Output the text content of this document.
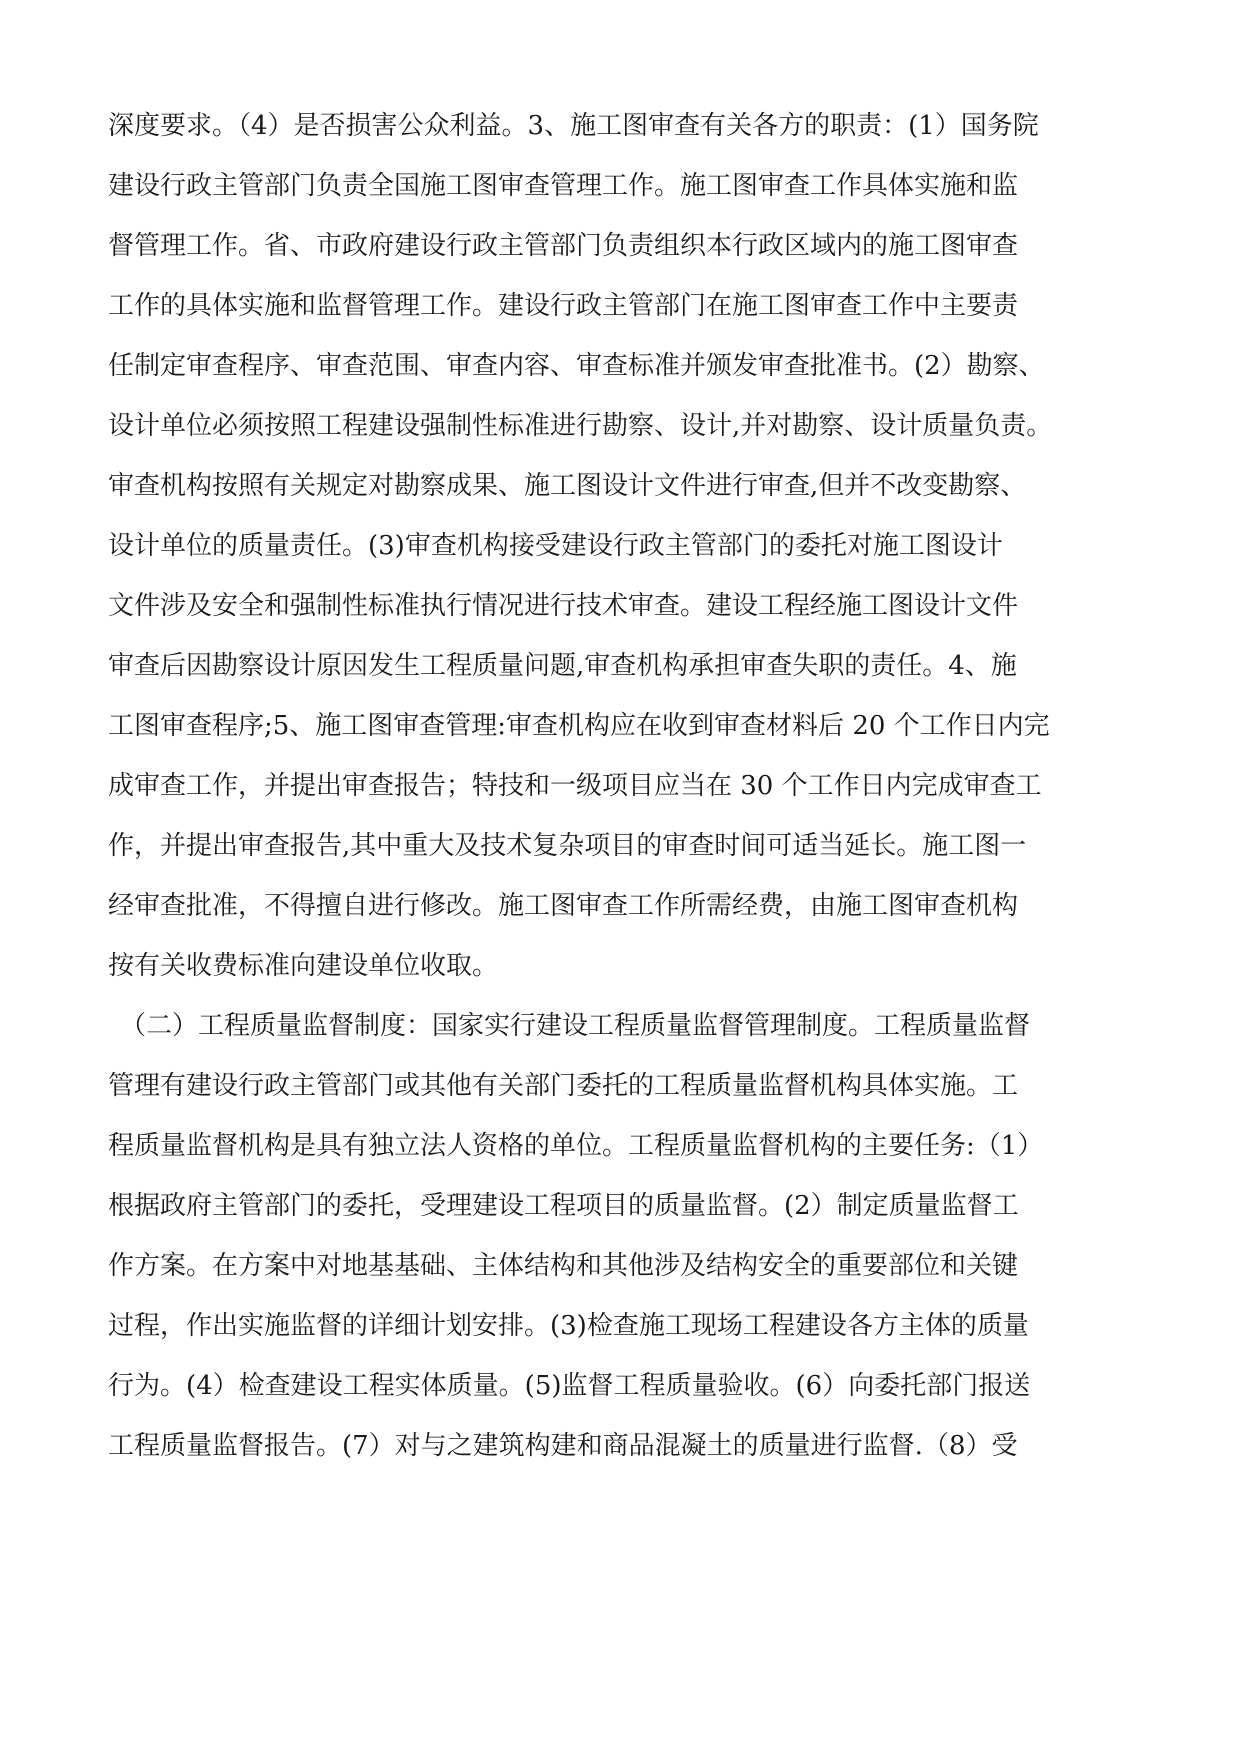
深度要求。（4）是否损害公众利益。3、施工图审查有关各方的职责：(1）国务院
建设行政主管部门负责全国施工图审查管理工作。施工图审查工作具体实施和监
督管理工作。省、市政府建设行政主管部门负责组织本行政区域内的施工图审查
工作的具体实施和监督管理工作。建设行政主管部门在施工图审查工作中主要责
任制定审查程序、审查范围、审查内容、审查标准并颁发审查批准书。(2）勘察、
设计单位必须按照工程建设强制性标准进行勘察、设计,并对勘察、设计质量负责。
审查机构按照有关规定对勘察成果、施工图设计文件进行审查,但并不改变勘察、
设计单位的质量责任。(3)审查机构接受建设行政主管部门的委托对施工图设计
文件涉及安全和强制性标准执行情况进行技术审查。建设工程经施工图设计文件
审查后因勘察设计原因发生工程质量问题,审查机构承担审查失职的责任。4、施
工图审查程序;5、施工图审查管理:审查机构应在收到审查材料后 20 个工作日内完
成审查工作，并提出审查报告；特技和一级项目应当在 30 个工作日内完成审查工
作，并提出审查报告,其中重大及技术复杂项目的审查时间可适当延长。施工图一
经审查批准，不得擅自进行修改。施工图审查工作所需经费，由施工图审查机构
按有关收费标准向建设单位收取。
（二）工程质量监督制度：国家实行建设工程质量监督管理制度。工程质量监督
管理有建设行政主管部门或其他有关部门委托的工程质量监督机构具体实施。工
程质量监督机构是具有独立法人资格的单位。工程质量监督机构的主要任务:（1）
根据政府主管部门的委托，受理建设工程项目的质量监督。(2）制定质量监督工
作方案。在方案中对地基基础、主体结构和其他涉及结构安全的重要部位和关键
过程，作出实施监督的详细计划安排。(3)检查施工现场工程建设各方主体的质量
行为。(4）检查建设工程实体质量。(5)监督工程质量验收。(6）向委托部门报送
工程质量监督报告。(7）对与之建筑构建和商品混凝土的质量进行监督.（8）受
